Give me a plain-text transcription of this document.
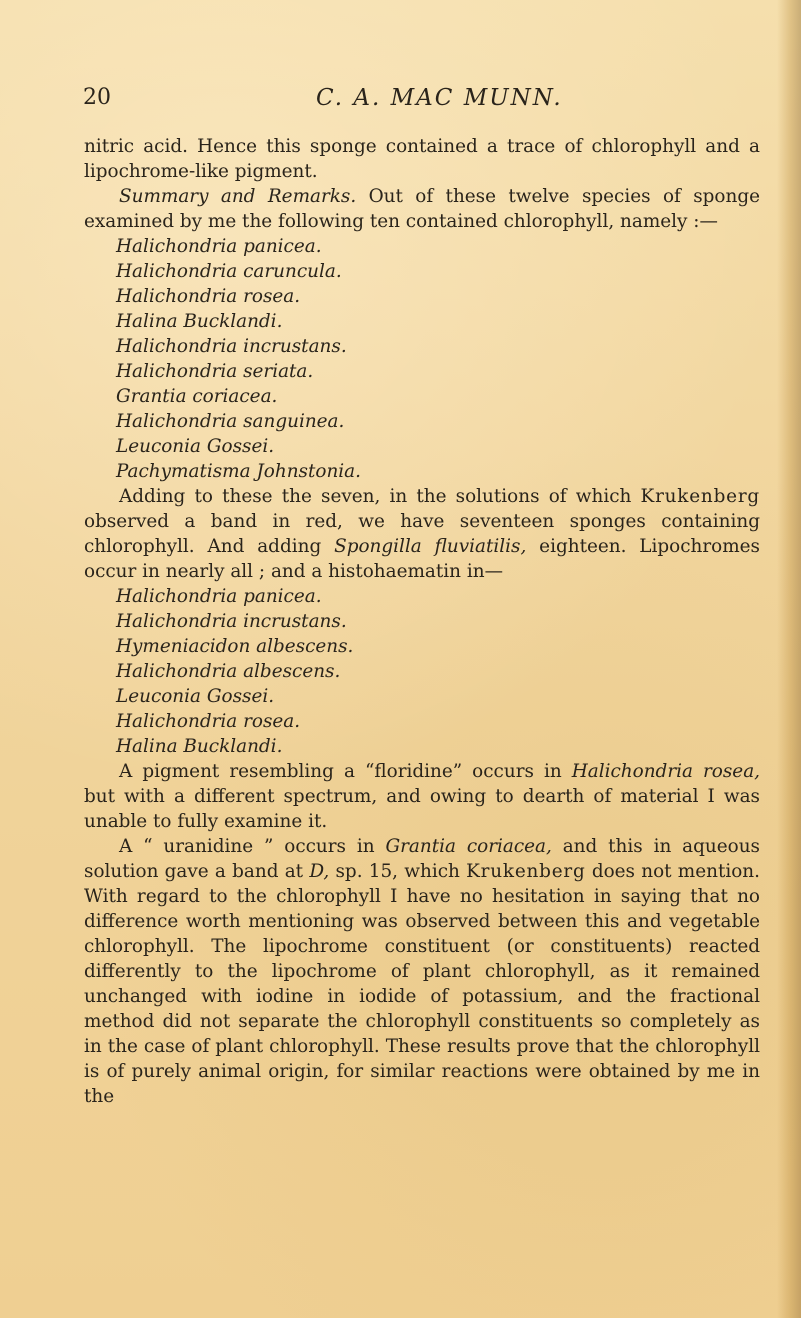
20	C. A. MAC MUNN.

nitric acid. Hence this sponge contained a trace of chlorophyll and a lipochrome-like pigment.

Summary and Remarks. Out of these twelve species of sponge examined by me the following ten contained chlorophyll, namely :—

Halichondria panicea.
Halichondria caruncula.
Halichondria rosea.
Halina Bucklandi.
Halichondria incrustans.
Halichondria seriata.
Grantia coriacea.
Halichondria sanguinea.
Leuconia Gossei.
Pachymatisma Johnstonia.

Adding to these the seven, in the solutions of which Krukenberg observed a band in red, we have seventeen sponges containing chlorophyll. And adding Spongilla fluviatilis, eighteen. Lipochromes occur in nearly all ; and a histohaematin in—

Halichondria panicea.
Halichondria incrustans.
Hymeniacidon albescens.
Halichondria albescens.
Leuconia Gossei.
Halichondria rosea.
Halina Bucklandi.

A pigment resembling a “floridine” occurs in Halichondria rosea, but with a different spectrum, and owing to dearth of material I was unable to fully examine it.

A “ uranidine ” occurs in Grantia coriacea, and this in aqueous solution gave a band at D, sp. 15, which Krukenberg does not mention. With regard to the chlorophyll I have no hesitation in saying that no difference worth mentioning was observed between this and vegetable chlorophyll. The lipochrome constituent (or constituents) reacted differently to the lipochrome of plant chlorophyll, as it remained unchanged with iodine in iodide of potassium, and the fractional method did not separate the chlorophyll constituents so completely as in the case of plant chlorophyll. These results prove that the chlorophyll is of purely animal origin, for similar reactions were obtained by me in the
